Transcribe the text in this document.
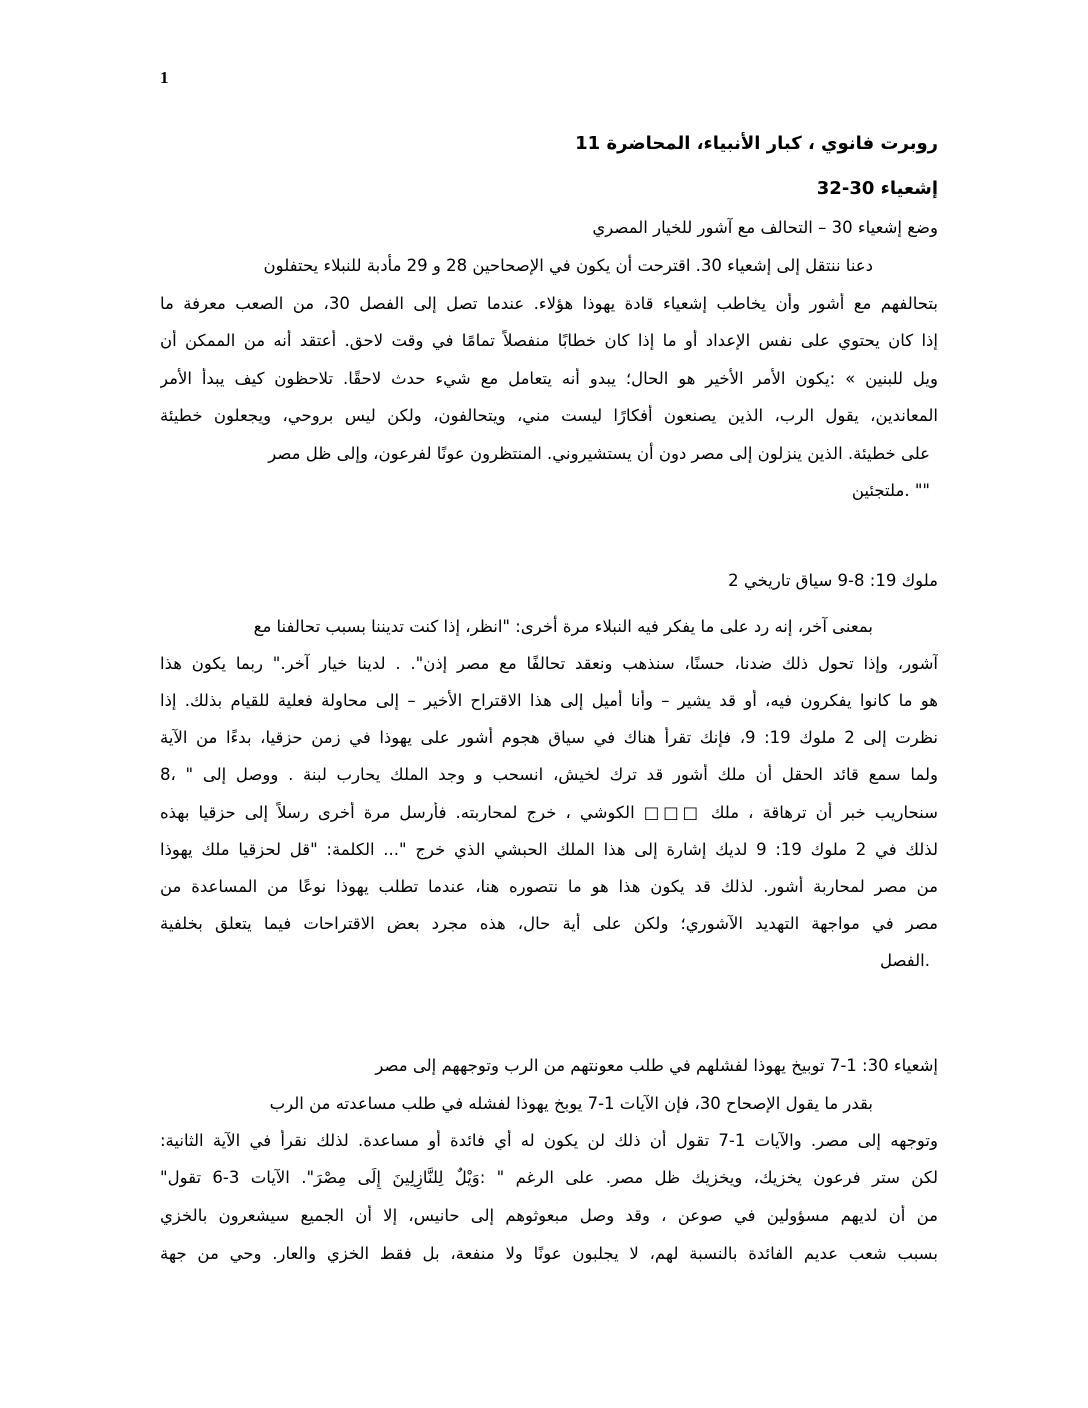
1
روبرت فانوي ، كبار الأنبياء، المحاضرة 11
إشعياء 30-32
وضع إشعياء 30 – التحالف مع آشور للخيار المصري
دعنا ننتقل إلى إشعياء 30. اقترحت أن يكون في الإصحاحين 28 و 29 مأدبة للنبلاء يحتفلون
بتحالفهم مع أشور وأن يخاطب إشعياء قادة يهوذا هؤلاء. عندما تصل إلى الفصل 30، من الصعب معرفة ما
إذا كان يحتوي على نفس الإعداد أو ما إذا كان خطابًا منفصلاً تمامًا في وقت لاحق. أعتقد أنه من الممكن أن
ويل للبنين » :يكون الأمر الأخير هو الحال؛ يبدو أنه يتعامل مع شيء حدث لاحقًا. تلاحظون كيف يبدأ الأمر
المعاندين، يقول الرب، الذين يصنعون أفكارًا ليست مني، ويتحالفون، ولكن ليس بروحي، ويجعلون خطيئة
على خطيئة. الذين ينزلون إلى مصر دون أن يستشيروني. المنتظرون عونًا لفرعون، وإلى ظل مصر
"" .ملتجئين
ملوك 19: 8-9 سياق تاريخي 2
بمعنى آخر، إنه رد على ما يفكر فيه النبلاء مرة أخرى: "انظر، إذا كنت تديننا بسبب تحالفنا مع
آشور، وإذا تحول ذلك ضدنا، حسنًا، سنذهب ونعقد تحالفًا مع مصر إذن". . لدينا خيار آخر." ربما يكون هذا
هو ما كانوا يفكرون فيه، أو قد يشير – وأنا أميل إلى هذا الاقتراح الأخير – إلى محاولة فعلية للقيام بذلك. إذا
نظرت إلى 2 ملوك 19: 9، فإنك تقرأ هناك في سياق هجوم أشور على يهوذا في زمن حزقيا، بدءًا من الآية
ولما سمع قائد الحقل أن ملك أشور قد ترك لخيش، انسحب و وجد الملك يحارب لبنة . ووصل إلى " ،8
سنحاريب خبر أن ترهاقة ، ملك □□□ الكوشي ، خرج لمحاربته. فأرسل مرة أخرى رسلاً إلى حزقيا بهذه
لذلك في 2 ملوك 19: 9 لديك إشارة إلى هذا الملك الحبشي الذي خرج "... الكلمة: "قل لحزقيا ملك يهوذا
من مصر لمحاربة أشور. لذلك قد يكون هذا هو ما نتصوره هنا، عندما تطلب يهوذا نوعًا من المساعدة من
مصر في مواجهة التهديد الآشوري؛ ولكن على أية حال، هذه مجرد بعض الاقتراحات فيما يتعلق بخلفية
.الفصل
إشعياء 30: 1-7 توبيخ يهوذا لفشلهم في طلب معونتهم من الرب وتوجههم إلى مصر
بقدر ما يقول الإصحاح 30، فإن الآيات 1-7 يوبخ يهوذا لفشله في طلب مساعدته من الرب
وتوجهه إلى مصر. والآيات 1-7 تقول أن ذلك لن يكون له أي فائدة أو مساعدة. لذلك نقرأ في الآية الثانية:
لكن ستر فرعون يخزيك، ويخزيك ظل مصر. على الرغم " :وَيْلٌ لِلنَّازِلِينَ إِلَى مِصْرَ". الآيات 3-6 تقول"
من أن لديهم مسؤولين في صوعن ، وقد وصل مبعوثوهم إلى حانيس، إلا أن الجميع سيشعرون بالخزي
بسبب شعب عديم الفائدة بالنسبة لهم، لا يجلبون عونًا ولا منفعة، بل فقط الخزي والعار. وحي من جهة
